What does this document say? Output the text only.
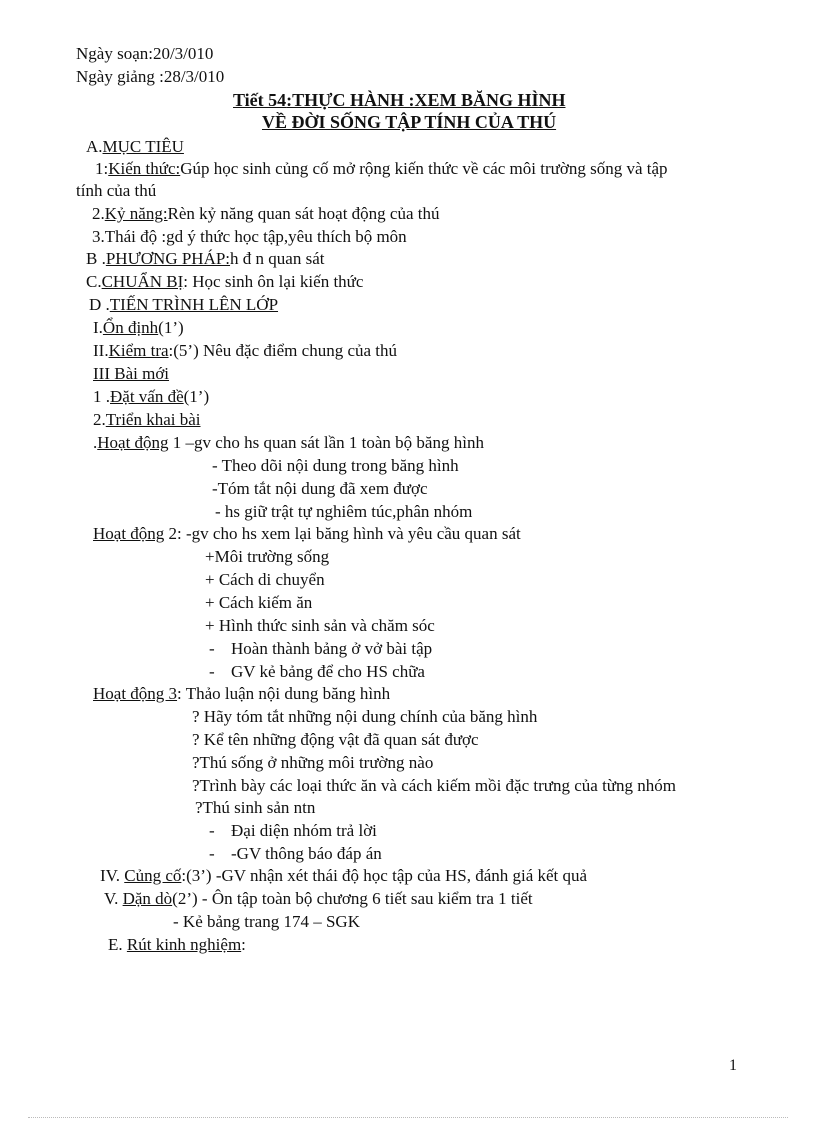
Ngày soạn:20/3/010
Ngày giảng :28/3/010
Tiết 54:THỰC HÀNH :XEM BĂNG HÌNH
VỀ ĐỜI SỐNG TẬP TÍNH CỦA THÚ
A.MỤC TIÊU
1:Kiến thức:Gúp học sinh củng cố mở rộng kiến thức về các môi trường sống và tập
tính của thú
2.Kỷ năng:Rèn kỷ năng quan sát hoạt động của thú
3.Thái độ :gd ý thức học tập,yêu thích bộ môn
B .PHƯƠNG PHÁP:h đ n quan sát
C.CHUẨN BỊ: Học sinh ôn lại kiến thức
D .TIẾN TRÌNH LÊN LỚP
I.Ổn định(1’)
II.Kiểm tra:(5’) Nêu đặc điểm chung của thú
III Bài mới
1 .Đặt vấn đề(1’)
2.Triển khai bài
.Hoạt động 1 –gv cho hs quan sát lần 1 toàn bộ băng hình
- Theo dõi nội dung trong băng hình
-Tóm tắt nội dung đã xem được
- hs giữ trật tự nghiêm túc,phân nhóm
Hoạt động 2: -gv cho hs xem lại băng hình và yêu cầu quan sát
+Môi trường sống
+ Cách di chuyển
+ Cách kiếm ăn
+ Hình thức sinh sản và chăm sóc
- Hoàn thành bảng ở vở bài tập
- GV kẻ bảng để cho HS chữa
Hoạt động 3: Thảo luận nội dung băng hình
? Hãy tóm tắt những nội dung chính của băng hình
? Kể tên những động vật đã quan sát được
?Thú sống ở những môi trường nào
?Trình bày các loại thức ăn và cách kiếm mồi đặc trưng của từng nhóm
?Thú sinh sản ntn
- Đại diện nhóm trả lời
- -GV thông báo đáp án
IV. Củng cố:(3’) -GV nhận xét thái độ học tập của HS, đánh giá kết quả
V. Dặn dò(2’) - Ôn tập toàn bộ chương 6 tiết sau kiểm tra 1 tiết
- Kẻ bảng trang 174 – SGK
E. Rút kinh nghiệm:
1
